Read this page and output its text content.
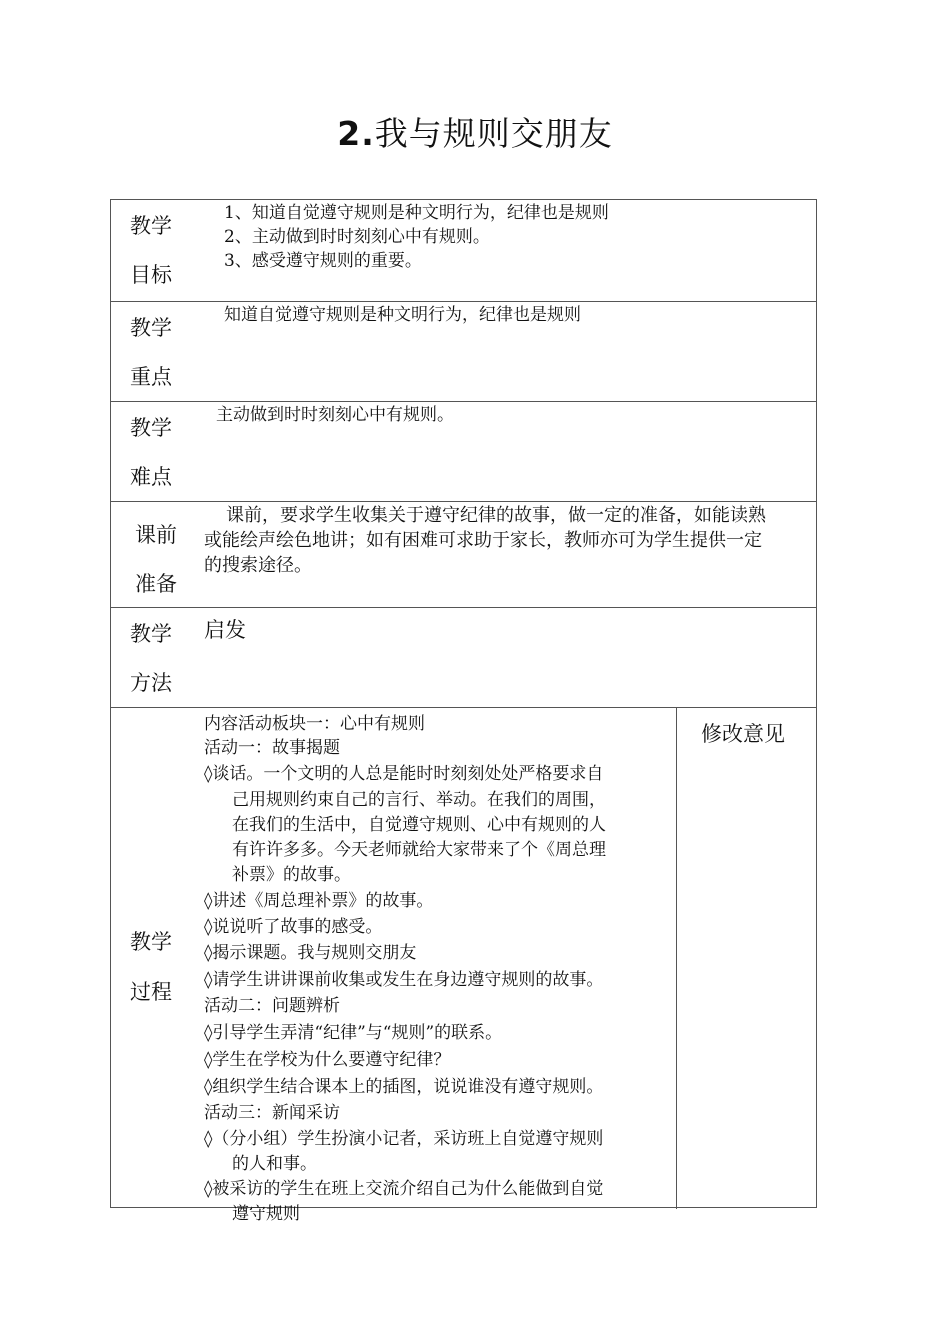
2.我与规则交朋友
教学
目标
1、知道自觉遵守规则是种文明行为，纪律也是规则
2、主动做到时时刻刻心中有规则。
3、感受遵守规则的重要。
教学
重点
知道自觉遵守规则是种文明行为，纪律也是规则
教学
难点
主动做到时时刻刻心中有规则。
课前
准备
课前，要求学生收集关于遵守纪律的故事，做一定的准备，如能读熟
或能绘声绘色地讲；如有困难可求助于家长，教师亦可为学生提供一定
的搜索途径。
教学
方法
启发
教学
过程
修改意见
内容活动板块一：心中有规则
活动一：故事揭题
◊谈话。一个文明的人总是能时时刻刻处处严格要求自
己用规则约束自己的言行、举动。在我们的周围，
在我们的生活中，自觉遵守规则、心中有规则的人
有许许多多。今天老师就给大家带来了个《周总理
补票》的故事。
◊讲述《周总理补票》的故事。
◊说说听了故事的感受。
◊揭示课题。我与规则交朋友
◊请学生讲讲课前收集或发生在身边遵守规则的故事。
活动二：问题辨析
◊引导学生弄清“纪律”与“规则”的联系。
◊学生在学校为什么要遵守纪律？
◊组织学生结合课本上的插图，说说谁没有遵守规则。
活动三：新闻采访
◊（分小组）学生扮演小记者，采访班上自觉遵守规则
的人和事。
◊被采访的学生在班上交流介绍自己为什么能做到自觉
遵守规则
